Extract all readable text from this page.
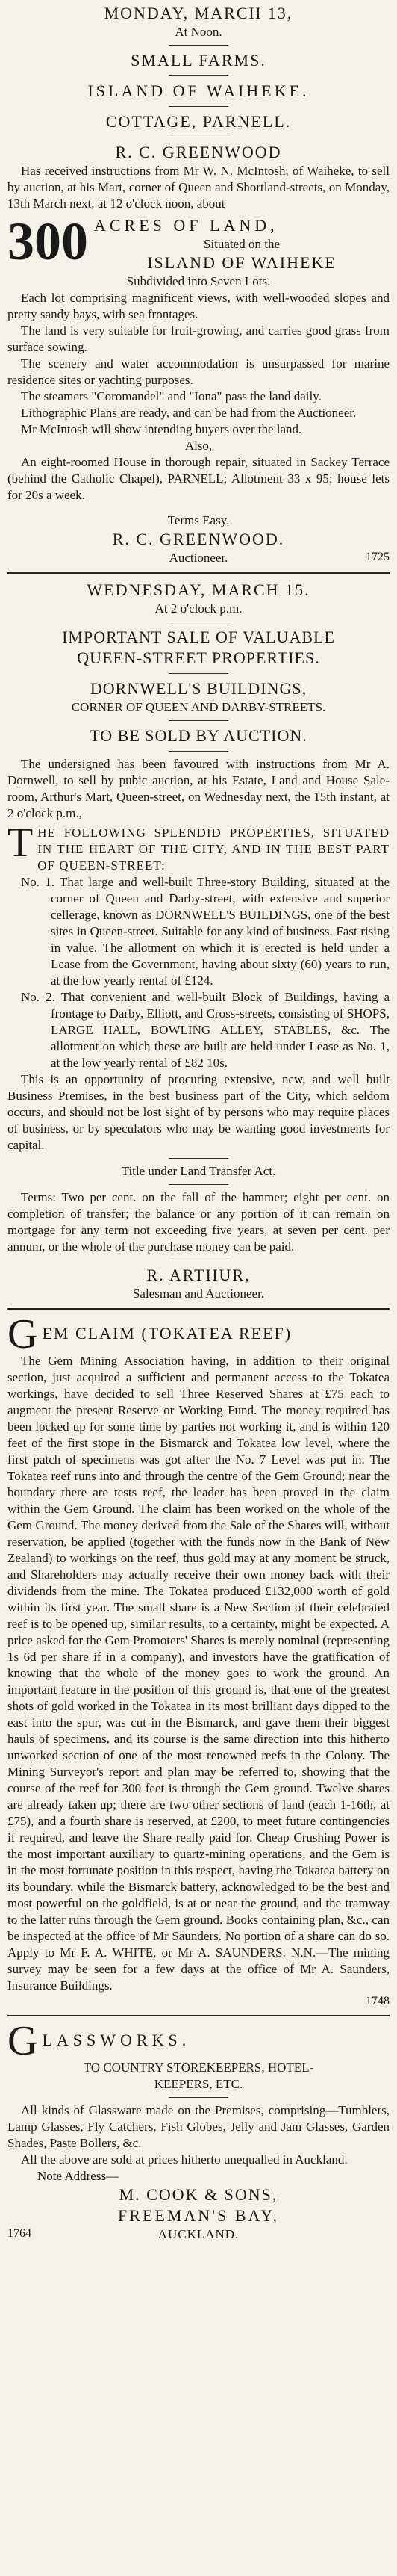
MONDAY, MARCH 13,

At Noon.

SMALL FARMS.

ISLAND OF WAIHEKE.

COTTAGE, PARNELL.

R. C. GREENWOOD

Has received instructions from Mr W. N. McIntosh, of Waiheke, to sell by auction, at his Mart, corner of Queen and Shortland-streets, on Monday, 13th March next, at 12 o'clock noon, about

300 ACRES OF LAND,

Situated on the

ISLAND OF WAIHEKE

Subdivided into Seven Lots.

Each lot comprising magnificent views, with well-wooded slopes and pretty sandy bays, with sea frontages.

The land is very suitable for fruit-growing, and carries good grass from surface sowing.

The scenery and water accommodation is unsurpassed for marine residence sites or yachting purposes.

The steamers "Coromandel" and "Iona" pass the land daily.

Lithographic Plans are ready, and can be had from the Auctioneer.

Mr McIntosh will show intending buyers over the land.

Also,

An eight-roomed House in thorough repair, situated in Sackey Terrace (behind the Catholic Chapel), PARNELL; Allotment 33 x 95; house lets for 20s a week.

Terms Easy.

R. C. GREENWOOD.

Auctioneer.	1725

WEDNESDAY, MARCH 15.

At 2 o'clock p.m.

IMPORTANT SALE OF VALUABLE

QUEEN-STREET PROPERTIES.

DORNWELL'S BUILDINGS,

CORNER OF QUEEN AND DARBY-STREETS.

TO BE SOLD BY AUCTION.

The undersigned has been favoured with instructions from Mr A. Dornwell, to sell by pubic auction, at his Estate, Land and House Sale-room, Arthur's Mart, Queen-street, on Wednesday next, the 15th instant, at 2 o'clock p.m.,

T HE FOLLOWING SPLENDID PROPERTIES, SITUATED IN THE HEART OF THE CITY, AND IN THE BEST PART OF QUEEN-STREET:

No. 1. That large and well-built Three-story Building, situated at the corner of Queen and Darby-street, with extensive and superior cellerage, known as DORNWELL'S BUILDINGS, one of the best sites in Queen-street. Suitable for any kind of business. Fast rising in value. The allotment on which it is erected is held under a Lease from the Government, having about sixty (60) years to run, at the low yearly rental of £124.

No. 2. That convenient and well-built Block of Buildings, having a frontage to Darby, Elliott, and Cross-streets, consisting of SHOPS, LARGE HALL, BOWLING ALLEY, STABLES, &c. The allotment on which these are built are held under Lease as No. 1, at the low yearly rental of £82 10s.

This is an opportunity of procuring extensive, new, and well built Business Premises, in the best business part of the City, which seldom occurs, and should not be lost sight of by persons who may require places of business, or by speculators who may be wanting good investments for capital.

Title under Land Transfer Act.

Terms: Two per cent. on the fall of the hammer; eight per cent. on completion of transfer; the balance or any portion of it can remain on mortgage for any term not exceeding five years, at seven per cent. per annum, or the whole of the purchase money can be paid.

R. ARTHUR,

Salesman and Auctioneer.

G EM CLAIM (TOKATEA REEF)

The Gem Mining Association having, in addition to their original section, just acquired a sufficient and permanent access to the Tokatea workings, have decided to sell Three Reserved Shares at £75 each to augment the present Reserve or Working Fund. The money required has been locked up for some time by parties not working it, and is within 120 feet of the first stope in the Bismarck and Tokatea low level, where the first patch of specimens was got after the No. 7 Level was put in. The Tokatea reef runs into and through the centre of the Gem Ground; near the boundary there are tests reef, the leader has been proved in the claim within the Gem Ground. The claim has been worked on the whole of the Gem Ground. The money derived from the Sale of the Shares will, without reservation, be applied (together with the funds now in the Bank of New Zealand) to workings on the reef, thus gold may at any moment be struck, and Shareholders may actually receive their own money back with their dividends from the mine. The Tokatea produced £132,000 worth of gold within its first year. The small share is a New Section of their celebrated reef is to be opened up, similar results, to a certainty, might be expected. A price asked for the Gem Promoters' Shares is merely nominal (representing 1s 6d per share if in a company), and investors have the gratification of knowing that the whole of the money goes to work the ground. An important feature in the position of this ground is, that one of the greatest shots of gold worked in the Tokatea in its most brilliant days dipped to the east into the spur, was cut in the Bismarck, and gave them their biggest hauls of specimens, and its course is the same direction into this hitherto unworked section of one of the most renowned reefs in the Colony. The Mining Surveyor's report and plan may be referred to, showing that the course of the reef for 300 feet is through the Gem ground. Twelve shares are already taken up; there are two other sections of land (each 1-16th, at £75), and a fourth share is reserved, at £200, to meet future contingencies if required, and leave the Share really paid for. Cheap Crushing Power is the most important auxiliary to quartz-mining operations, and the Gem is in the most fortunate position in this respect, having the Tokatea battery on its boundary, while the Bismarck battery, acknowledged to be the best and most powerful on the goldfield, is at or near the ground, and the tramway to the latter runs through the Gem ground. Books containing plan, &c., can be inspected at the office of Mr Saunders. No portion of a share can do so. Apply to Mr F. A. WHITE, or Mr A. SAUNDERS. N.N.—The mining survey may be seen for a few days at the office of Mr A. Saunders, Insurance Buildings.

1748

G LASSWORKS.

TO COUNTRY STOREKEEPERS, HOTEL-

KEEPERS, ETC.

All kinds of Glassware made on the Premises, comprising—Tumblers, Lamp Glasses, Fly Catchers, Fish Globes, Jelly and Jam Glasses, Garden Shades, Paste Bollers, &c.

All the above are sold at prices hitherto unequalled in Auckland.

Note Address—

M. COOK & SONS,

FREEMAN'S BAY,

1764	AUCKLAND.
